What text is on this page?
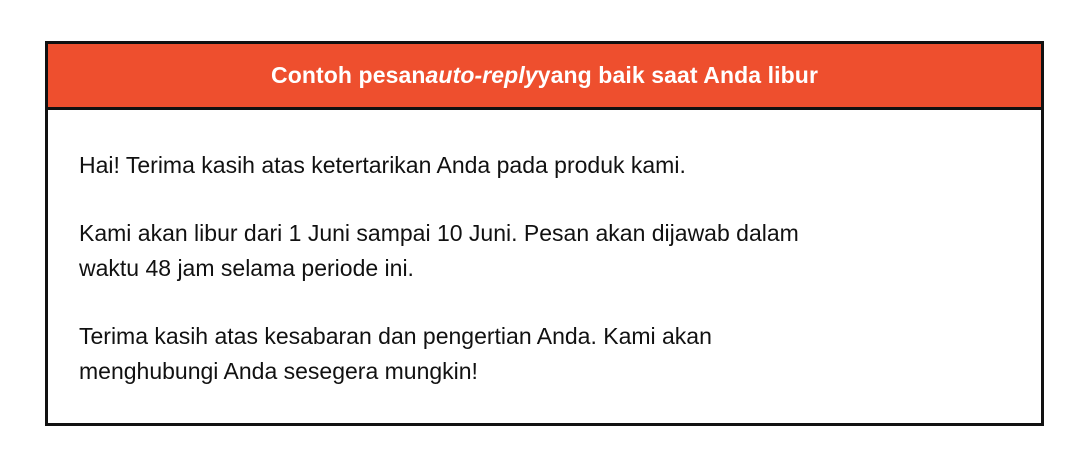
Contoh pesan auto-reply yang baik saat Anda libur

Hai! Terima kasih atas ketertarikan Anda pada produk kami.

Kami akan libur dari 1 Juni sampai 10 Juni. Pesan akan dijawab dalam
waktu 48 jam selama periode ini.

Terima kasih atas kesabaran dan pengertian Anda. Kami akan
menghubungi Anda sesegera mungkin!
